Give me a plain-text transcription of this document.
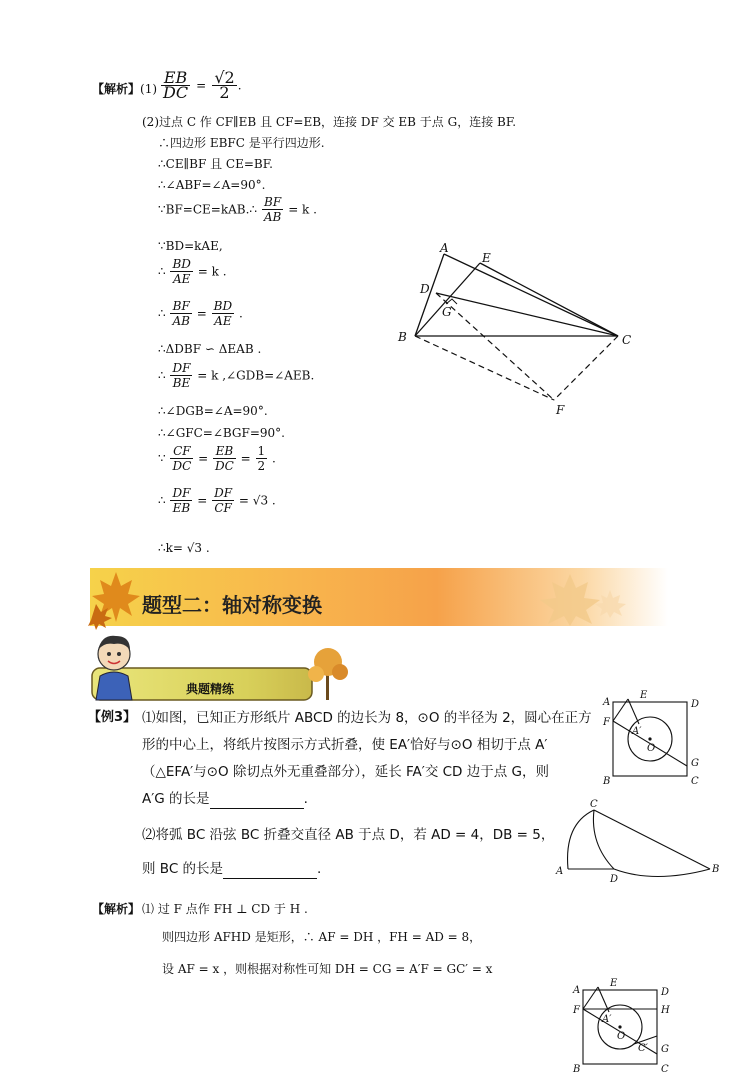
【解析】$(1) \frac{EB}{DC} = \frac{√2}{2}$ .
(2)过点 C 作 CF∥EB 且 CF=EB，连接 DF 交 EB 于点 G，连接 BF.
∴四边形 EBFC 是平行四边形.
∴CE∥BF 且 CE=BF.
∴∠ABF=∠A=90°.
∵BF=CE=kAB.∴ $\frac{BF}{AB} = k$ .
∵BD=kAE,
∴ $\frac{BD}{AE} = k$ .
∴ $\frac{BF}{AB} = \frac{BD}{AE}$ .
∴ΔDBF ∽ ΔEAB .
∴ $\frac{DF}{BE} = k$ ,∠GDB=∠AEB.
∴∠DGB=∠A=90°.
∴∠GFC=∠BGF=90°.
∵ $\frac{CF}{DC} = \frac{EB}{DC} = \frac{1}{2}$ .
∴ $\frac{DF}{EB} = \frac{DF}{CF} = √3$ .
∴k= √3 .
A
E
D
G
B	C
F
题型二：轴对称变换
典题精练
【例3】 ⑴如图，已知正方形纸片 ABCD 的边长为 8，⊙O 的半径为 2，圆心在正方
形的中心上，将纸片按图示方式折叠，使 EA′恰好与⊙O 相切于点 A′
（△EFA′与⊙O 除切点外无重叠部分），延长 FA′交 CD 边于点 G，则
A′G 的长是	.
⑵将弧 BC 沿弦 BC 折叠交直径 AB 于点 D，若 AD = 4，DB = 5，
则 BC 的长是	.
A
E
D
F
A′
O
G
B	C
C
A
D
B
【解析】 ⑴ 过 F 点作 FH ⊥ CD 于 H .
则四边形 AFHD 是矩形，∴ AF = DH ，FH = AD = 8，
设 AF = x ，则根据对称性可知 DH = CG = A′F = GC′ = x
A
E
D
F	H
A′
O
C′ G
B	C
